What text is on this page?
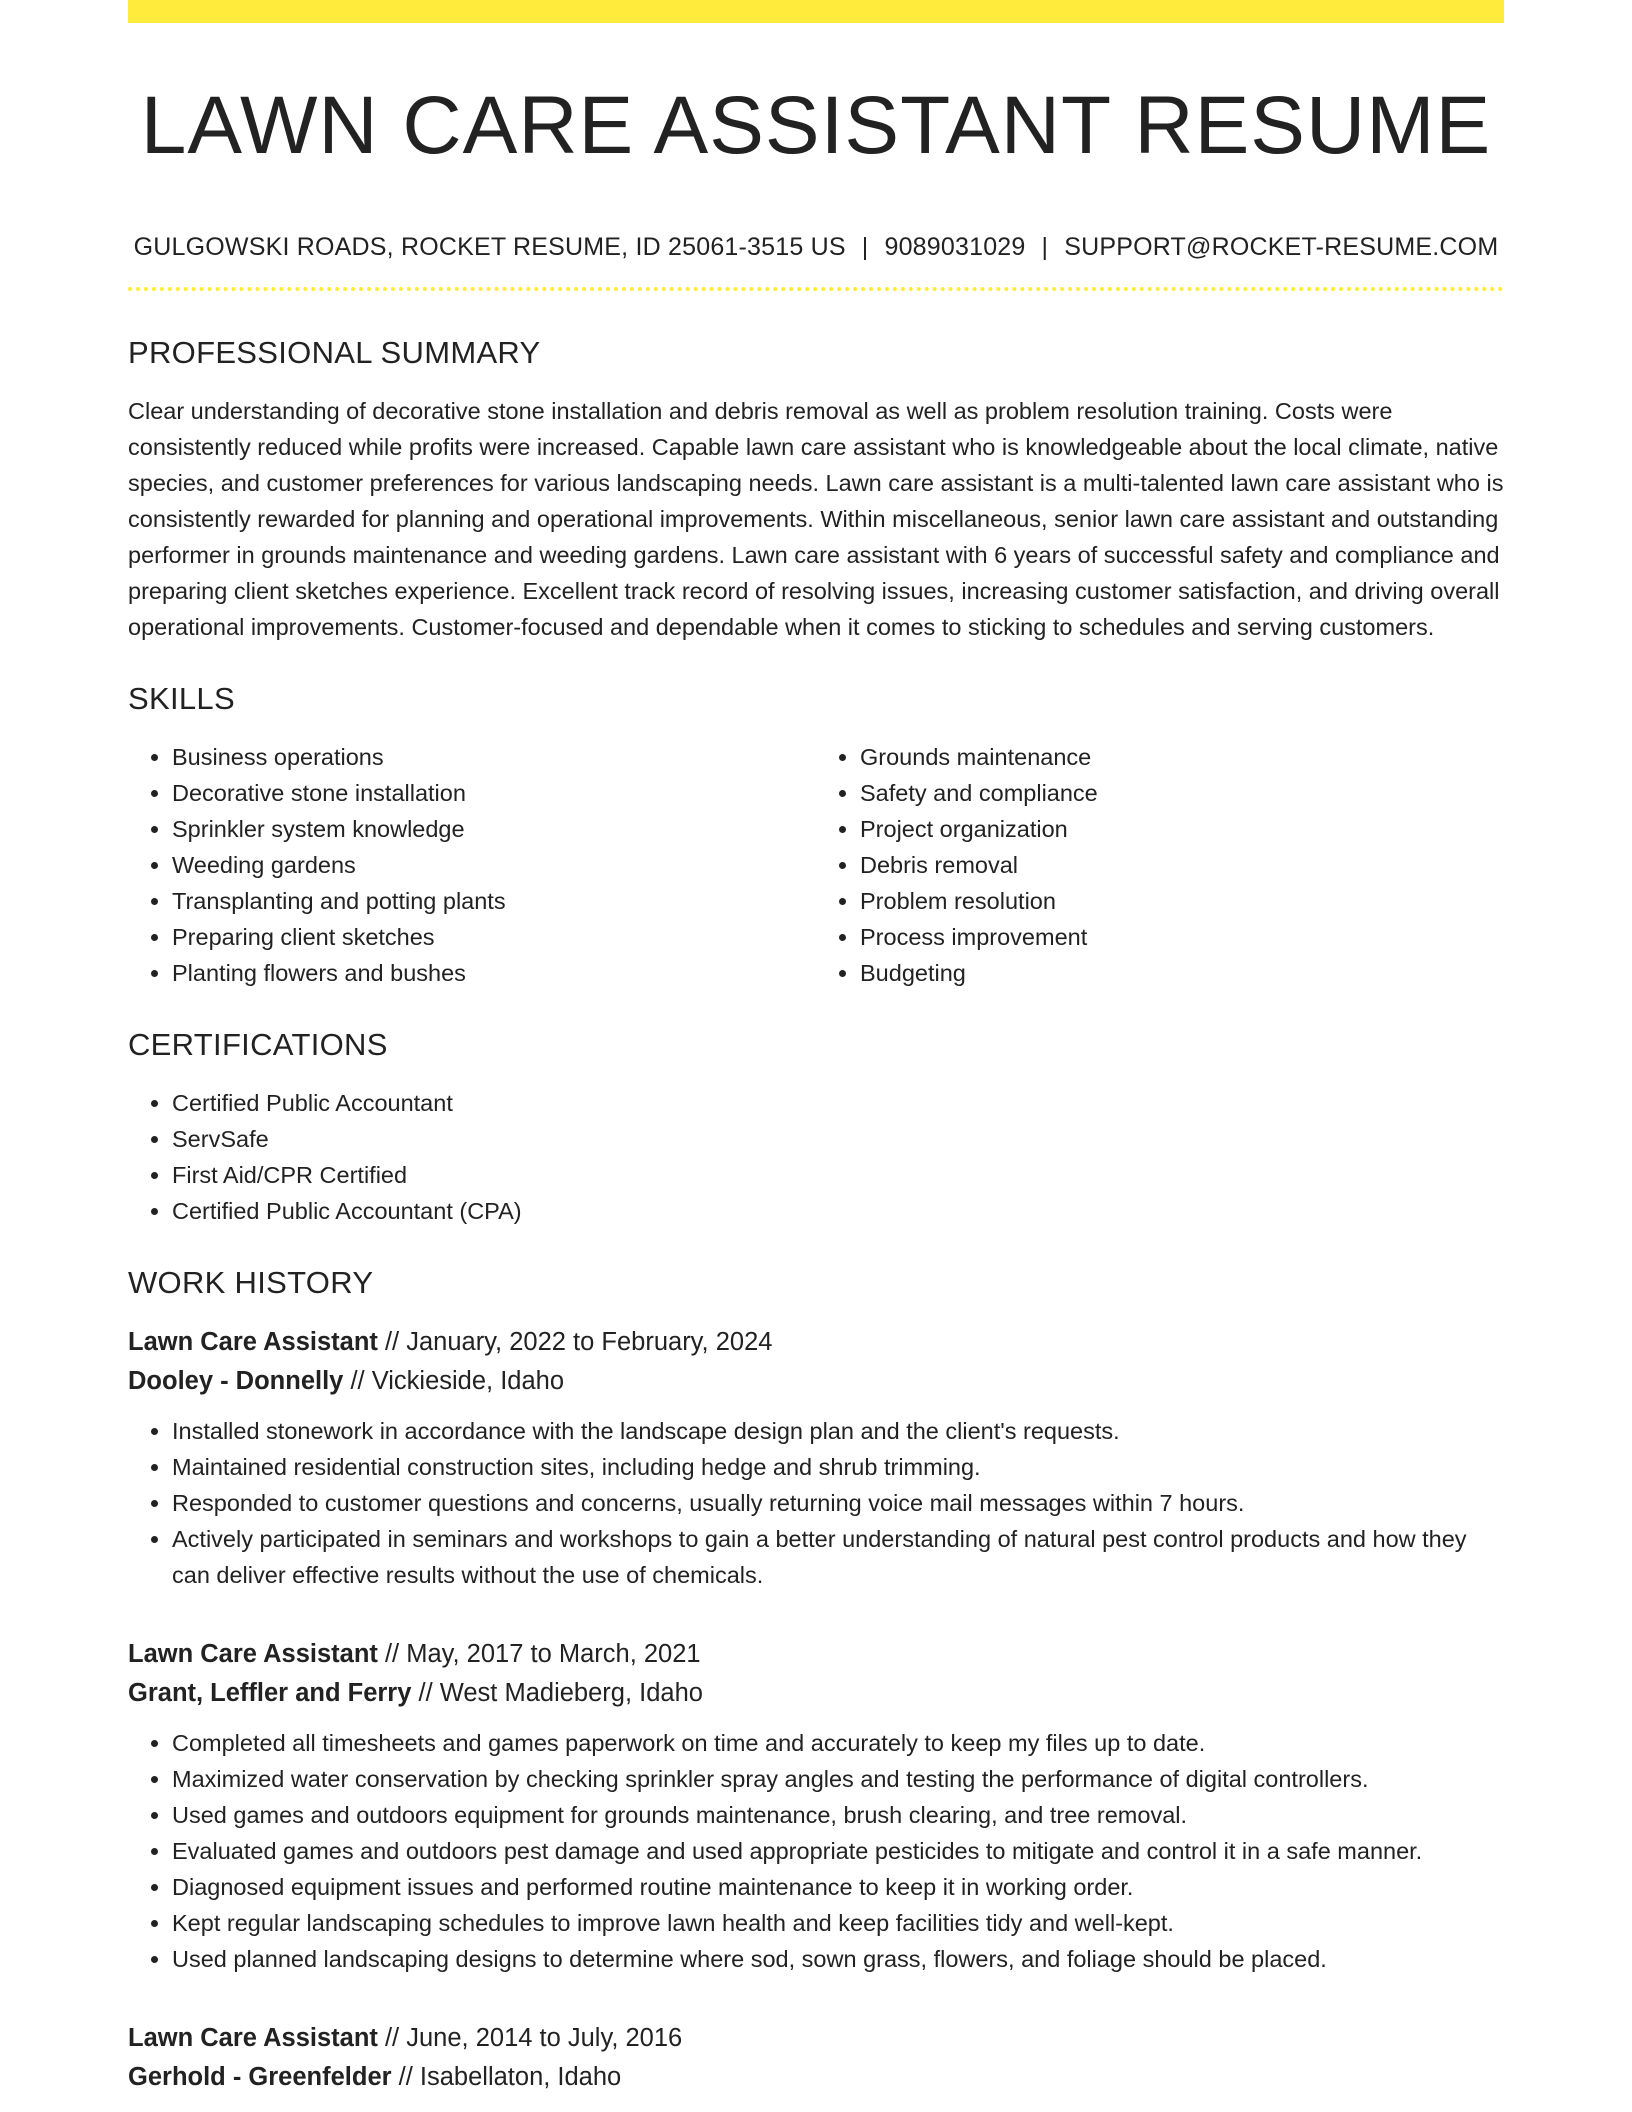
LAWN CARE ASSISTANT RESUME
GULGOWSKI ROADS, ROCKET RESUME, ID 25061-3515 US | 9089031029 | SUPPORT@ROCKET-RESUME.COM
PROFESSIONAL SUMMARY

Clear understanding of decorative stone installation and debris removal as well as problem resolution training. Costs were consistently reduced while profits were increased. Capable lawn care assistant who is knowledgeable about the local climate, native species, and customer preferences for various landscaping needs. Lawn care assistant is a multi-talented lawn care assistant who is consistently rewarded for planning and operational improvements. Within miscellaneous, senior lawn care assistant and outstanding performer in grounds maintenance and weeding gardens. Lawn care assistant with 6 years of successful safety and compliance and preparing client sketches experience. Excellent track record of resolving issues, increasing customer satisfaction, and driving overall operational improvements. Customer-focused and dependable when it comes to sticking to schedules and serving customers.

SKILLS
• Business operations
• Decorative stone installation
• Sprinkler system knowledge
• Weeding gardens
• Transplanting and potting plants
• Preparing client sketches
• Planting flowers and bushes
• Grounds maintenance
• Safety and compliance
• Project organization
• Debris removal
• Problem resolution
• Process improvement
• Budgeting
CERTIFICATIONS
• Certified Public Accountant
• ServSafe
• First Aid/CPR Certified
• Certified Public Accountant (CPA)
WORK HISTORY
Lawn Care Assistant // January, 2022 to February, 2024
Dooley - Donnelly // Vickieside, Idaho
• Installed stonework in accordance with the landscape design plan and the client's requests.
• Maintained residential construction sites, including hedge and shrub trimming.
• Responded to customer questions and concerns, usually returning voice mail messages within 7 hours.
• Actively participated in seminars and workshops to gain a better understanding of natural pest control products and how they can deliver effective results without the use of chemicals.
Lawn Care Assistant // May, 2017 to March, 2021
Grant, Leffler and Ferry // West Madieberg, Idaho
• Completed all timesheets and games paperwork on time and accurately to keep my files up to date.
• Maximized water conservation by checking sprinkler spray angles and testing the performance of digital controllers.
• Used games and outdoors equipment for grounds maintenance, brush clearing, and tree removal.
• Evaluated games and outdoors pest damage and used appropriate pesticides to mitigate and control it in a safe manner.
• Diagnosed equipment issues and performed routine maintenance to keep it in working order.
• Kept regular landscaping schedules to improve lawn health and keep facilities tidy and well-kept.
• Used planned landscaping designs to determine where sod, sown grass, flowers, and foliage should be placed.
Lawn Care Assistant // June, 2014 to July, 2016
Gerhold - Greenfelder // Isabellaton, Idaho
